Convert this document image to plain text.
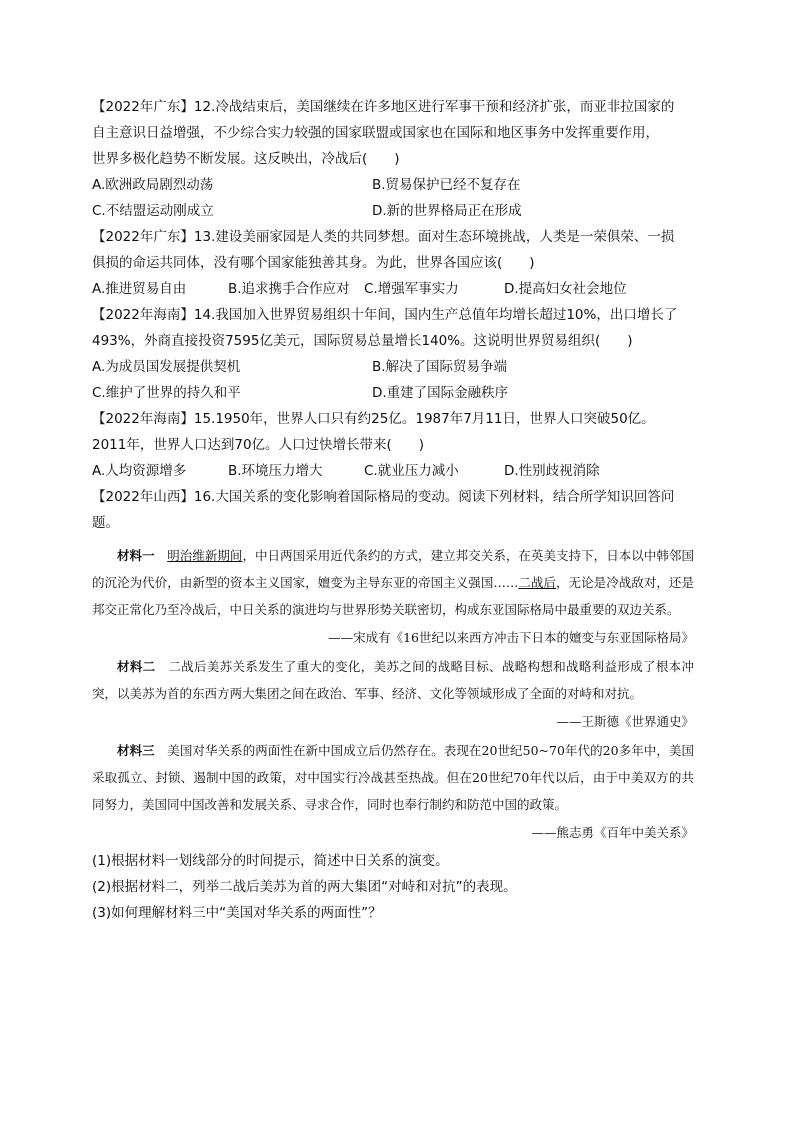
【2022年广东】12.冷战结束后，美国继续在许多地区进行军事干预和经济扩张，而亚非拉国家的
自主意识日益增强，不少综合实力较强的国家联盟或国家也在国际和地区事务中发挥重要作用，
世界多极化趋势不断发展。这反映出，冷战后(　　)
A.欧洲政局剧烈动荡	B.贸易保护已经不复存在
C.不结盟运动刚成立	D.新的世界格局正在形成
【2022年广东】13.建设美丽家园是人类的共同梦想。面对生态环境挑战，人类是一荣俱荣、一损
俱损的命运共同体，没有哪个国家能独善其身。为此，世界各国应该(　　)
A.推进贸易自由	B.追求携手合作应对	C.增强军事实力	D.提高妇女社会地位
【2022年海南】14.我国加入世界贸易组织十年间，国内生产总值年均增长超过10%，出口增长了
493%，外商直接投资7595亿美元，国际贸易总量增长140%。这说明世界贸易组织(　　)
A.为成员国发展提供契机	B.解决了国际贸易争端
C.维护了世界的持久和平	D.重建了国际金融秩序
【2022年海南】15.1950年，世界人口只有约25亿。1987年7月11日，世界人口突破50亿。
2011年，世界人口达到70亿。人口过快增长带来(　　)
A.人均资源增多	B.环境压力增大	C.就业压力减小	D.性别歧视消除
【2022年山西】16.大国关系的变化影响着国际格局的变动。阅读下列材料，结合所学知识回答问
题。

材料一　 明治维新期间，中日两国采用近代条约的方式，建立邦交关系，在英美支持下，日本以中韩邻国的沉沦为代价，由新型的资本主义国家，嬗变为主导东亚的帝国主义强国……二战后，无论是冷战敌对，还是邦交正常化乃至冷战后，中日关系的演进均与世界形势关联密切，构成东亚国际格局中最重要的双边关系。

——宋成有《16世纪以来西方冲击下日本的嬗变与东亚国际格局》

材料二　二战后美苏关系发生了重大的变化，美苏之间的战略目标、战略构想和战略利益形成了根本冲突，以美苏为首的东西方两大集团之间在政治、军事、经济、文化等领域形成了全面的对峙和对抗。

——王斯德《世界通史》

材料三　美国对华关系的两面性在新中国成立后仍然存在。表现在20世纪50~70年代的20多年中，美国采取孤立、封锁、遏制中国的政策，对中国实行冷战甚至热战。但在20世纪70年代以后，由于中美双方的共同努力，美国同中国改善和发展关系、寻求合作，同时也奉行制约和防范中国的政策。

——熊志勇《百年中美关系》
(1)根据材料一划线部分的时间提示，简述中日关系的演变。
(2)根据材料二，列举二战后美苏为首的两大集团“对峙和对抗”的表现。
(3)如何理解材料三中“美国对华关系的两面性”？
